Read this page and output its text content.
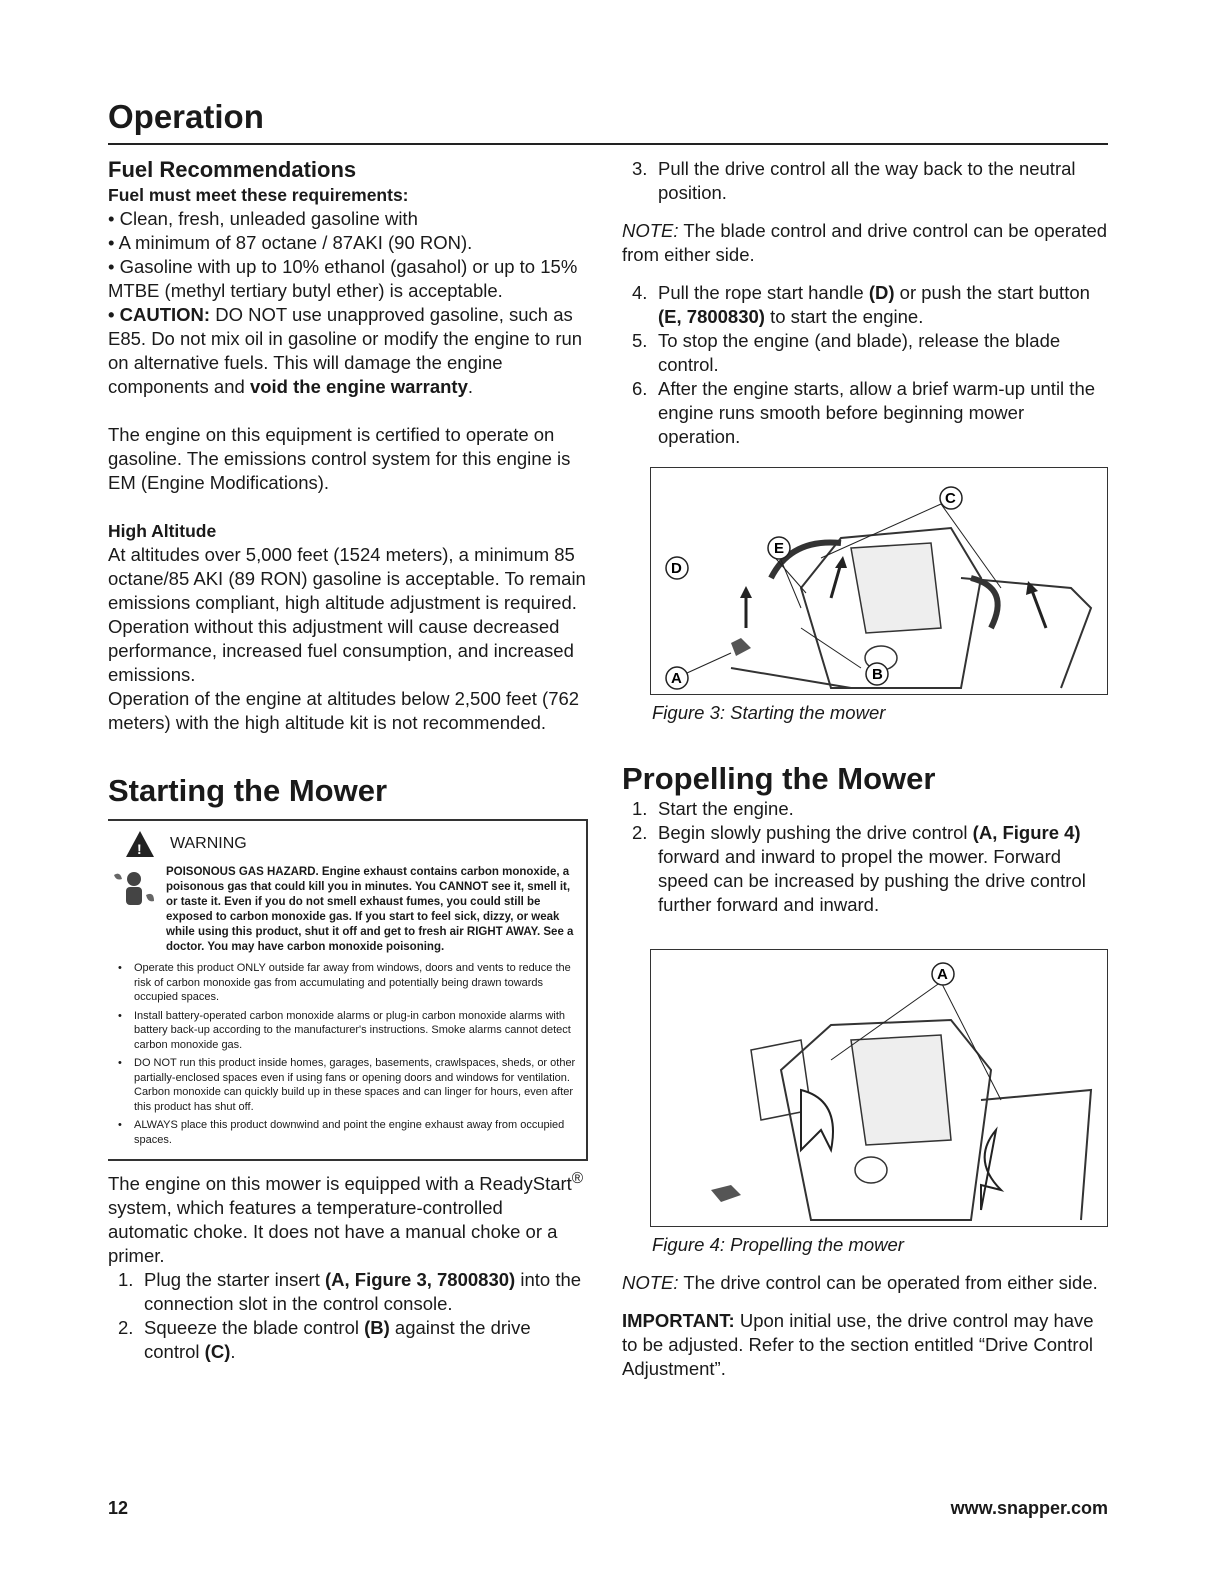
Operation
Fuel Recommendations

Fuel must meet these requirements:

• Clean, fresh, unleaded gasoline with

• A minimum of 87 octane / 87AKI (90 RON).

• Gasoline with up to 10% ethanol (gasahol) or up to 15% MTBE (methyl tertiary butyl ether) is acceptable.

• CAUTION: DO NOT use unapproved gasoline, such as E85. Do not mix oil in gasoline or modify the engine to run on alternative fuels. This will damage the engine components and void the engine warranty.

The engine on this equipment is certified to operate on gasoline. The emissions control system for this engine is EM (Engine Modifications).

High Altitude

At altitudes over 5,000 feet (1524 meters), a minimum 85 octane/85 AKI (89 RON) gasoline is acceptable. To remain emissions compliant, high altitude adjustment is required. Operation without this adjustment will cause decreased performance, increased fuel consumption, and increased emissions.

Operation of the engine at altitudes below 2,500 feet (762 meters) with the high altitude kit is not recommended.

Starting the Mower
! WARNING
POISONOUS GAS HAZARD. Engine exhaust contains carbon monoxide, a poisonous gas that could kill you in minutes. You CANNOT see it, smell it, or taste it. Even if you do not smell exhaust fumes, you could still be exposed to carbon monoxide gas. If you start to feel sick, dizzy, or weak while using this product, shut it off and get to fresh air RIGHT AWAY. See a doctor. You may have carbon monoxide poisoning.
• Operate this product ONLY outside far away from windows, doors and vents to reduce the risk of carbon monoxide gas from accumulating and potentially being drawn towards occupied spaces.
• Install battery-operated carbon monoxide alarms or plug-in carbon monoxide alarms with battery back-up according to the manufacturer's instructions. Smoke alarms cannot detect carbon monoxide gas.
• DO NOT run this product inside homes, garages, basements, crawlspaces, sheds, or other partially-enclosed spaces even if using fans or opening doors and windows for ventilation. Carbon monoxide can quickly build up in these spaces and can linger for hours, even after this product has shut off.
• ALWAYS place this product downwind and point the engine exhaust away from occupied spaces.

The engine on this mower is equipped with a ReadyStart® system, which features a temperature-controlled automatic choke. It does not have a manual choke or a primer.

1. Plug the starter insert (A, Figure 3, 7800830) into the connection slot in the control console.
2. Squeeze the blade control (B) against the drive control (C).
3. Pull the drive control all the way back to the neutral position.

NOTE: The blade control and drive control can be operated from either side.

4. Pull the rope start handle (D) or push the start button (E, 7800830) to start the engine.
5. To stop the engine (and blade), release the blade control.
6. After the engine starts, allow a brief warm-up until the engine runs smooth before beginning mower operation.
C
E
D
A	B

Figure 3: Starting the mower

Propelling the Mower
1. Start the engine.
2. Begin slowly pushing the drive control (A, Figure 4) forward and inward to propel the mower. Forward speed can be increased by pushing the drive control further forward and inward.
A

Figure 4: Propelling the mower

NOTE: The drive control can be operated from either side.

IMPORTANT: Upon initial use, the drive control may have to be adjusted. Refer to the section entitled “Drive Control Adjustment”.

12	www.snapper.com
